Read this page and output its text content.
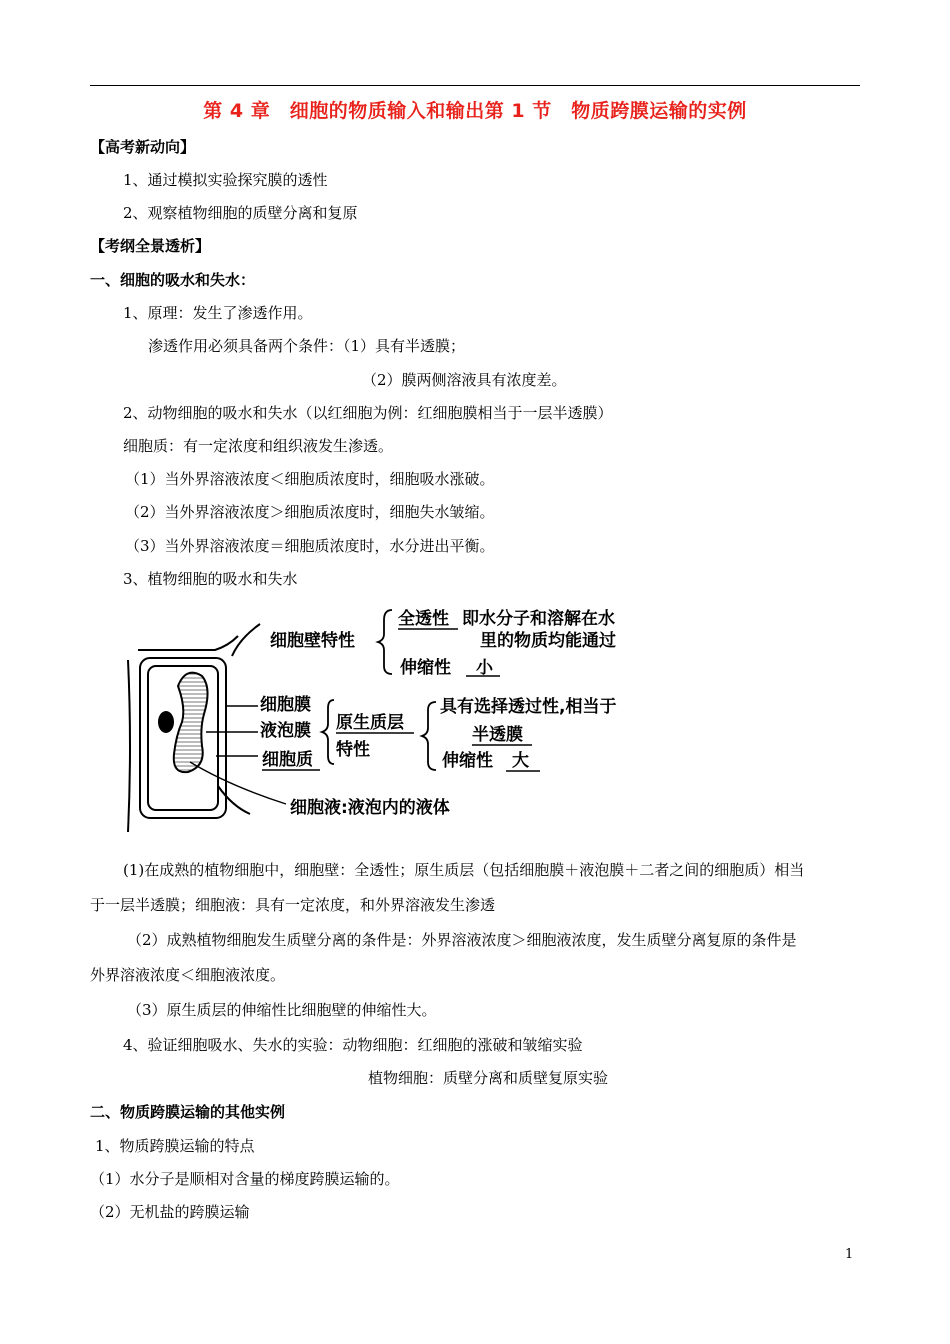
第 4 章　细胞的物质输入和输出第 1 节　物质跨膜运输的实例
【高考新动向】
1、通过模拟实验探究膜的透性
2、观察植物细胞的质壁分离和复原
【考纲全景透析】
一、细胞的吸水和失水：
1、原理：发生了渗透作用。
渗透作用必须具备两个条件：（1）具有半透膜；
（2）膜两侧溶液具有浓度差。
2、动物细胞的吸水和失水（以红细胞为例：红细胞膜相当于一层半透膜）
细胞质：有一定浓度和组织液发生渗透。
（1）当外界溶液浓度＜细胞质浓度时，细胞吸水涨破。
（2）当外界溶液浓度＞细胞质浓度时，细胞失水皱缩。
（3）当外界溶液浓度＝细胞质浓度时，水分进出平衡。
3、植物细胞的吸水和失水
细胞壁特性
全透性 即水分子和溶解在水
里的物质均能通过
伸缩性 小
细胞膜
液泡膜
细胞质
原生质层
特性
具有选择透过性,相当于
半透膜
伸缩性 大
细胞液:液泡内的液体
(1)在成熟的植物细胞中，细胞壁：全透性；原生质层（包括细胞膜＋液泡膜＋二者之间的细胞质）相当
于一层半透膜；细胞液：具有一定浓度，和外界溶液发生渗透
（2）成熟植物细胞发生质壁分离的条件是：外界溶液浓度＞细胞液浓度，发生质壁分离复原的条件是
外界溶液浓度＜细胞液浓度。
（3）原生质层的伸缩性比细胞壁的伸缩性大。
4、验证细胞吸水、失水的实验：动物细胞：红细胞的涨破和皱缩实验
植物细胞：质壁分离和质壁复原实验
二、物质跨膜运输的其他实例
1、物质跨膜运输的特点
（1）水分子是顺相对含量的梯度跨膜运输的。
（2）无机盐的跨膜运输
1
